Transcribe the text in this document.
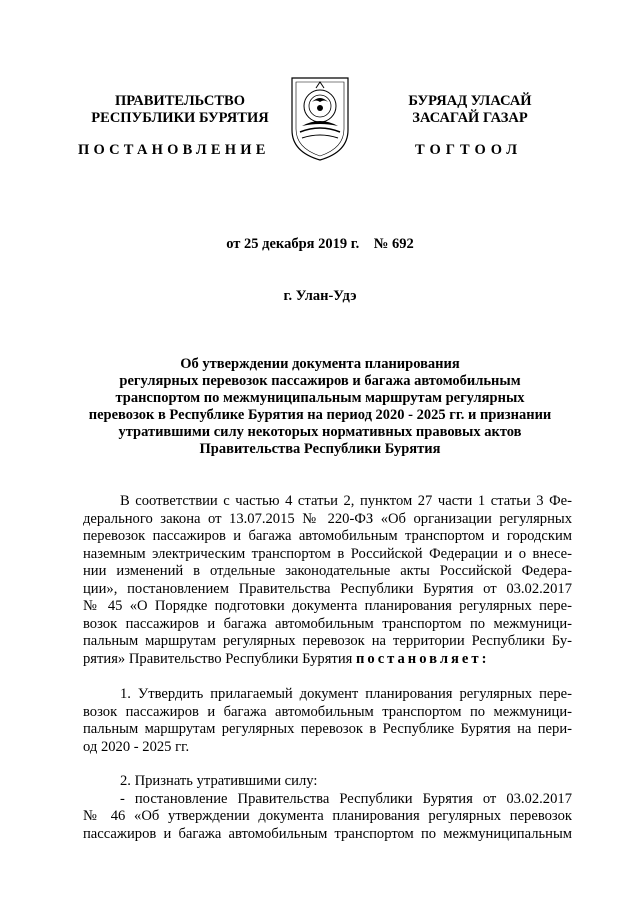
ПРАВИТЕЛЬСТВО
РЕСПУБЛИКИ БУРЯТИЯ
БУРЯАД УЛАСАЙ
ЗАСАГАЙ ГАЗАР
ПОСТАНОВЛЕНИЕ	ТОГТООЛ
от 25 декабря 2019 г.    № 692
г. Улан-Удэ
Об утверждении документа планирования
регулярных перевозок пассажиров и багажа автомобильным
транспортом по межмуниципальным маршрутам регулярных
перевозок в Республике Бурятия на период 2020 - 2025 гг. и признании
утратившими силу некоторых нормативных правовых актов
Правительства Республики Бурятия
В соответствии с частью 4 статьи 2, пунктом 27 части 1 статьи 3 Фе-
дерального закона от 13.07.2015 № 220-ФЗ «Об организации регулярных
перевозок пассажиров и багажа автомобильным транспортом и городским
наземным электрическим транспортом в Российской Федерации и о внесе-
нии изменений в отдельные законодательные акты Российской Федера-
ции», постановлением Правительства Республики Бурятия от 03.02.2017
№ 45 «О Порядке подготовки документа планирования регулярных пере-
возок пассажиров и багажа автомобильным транспортом по межмуници-
пальным маршрутам регулярных перевозок на территории Республики Бу-
рятия» Правительство Республики Бурятия постановляет:
1. Утвердить прилагаемый документ планирования регулярных пере-
возок пассажиров и багажа автомобильным транспортом по межмуници-
пальным маршрутам регулярных перевозок в Республике Бурятия на пери-
од 2020 - 2025 гг.
2. Признать утратившими силу:
- постановление Правительства Республики Бурятия от 03.02.2017
№ 46 «Об утверждении документа планирования регулярных перевозок
пассажиров и багажа автомобильным транспортом по межмуниципальным
